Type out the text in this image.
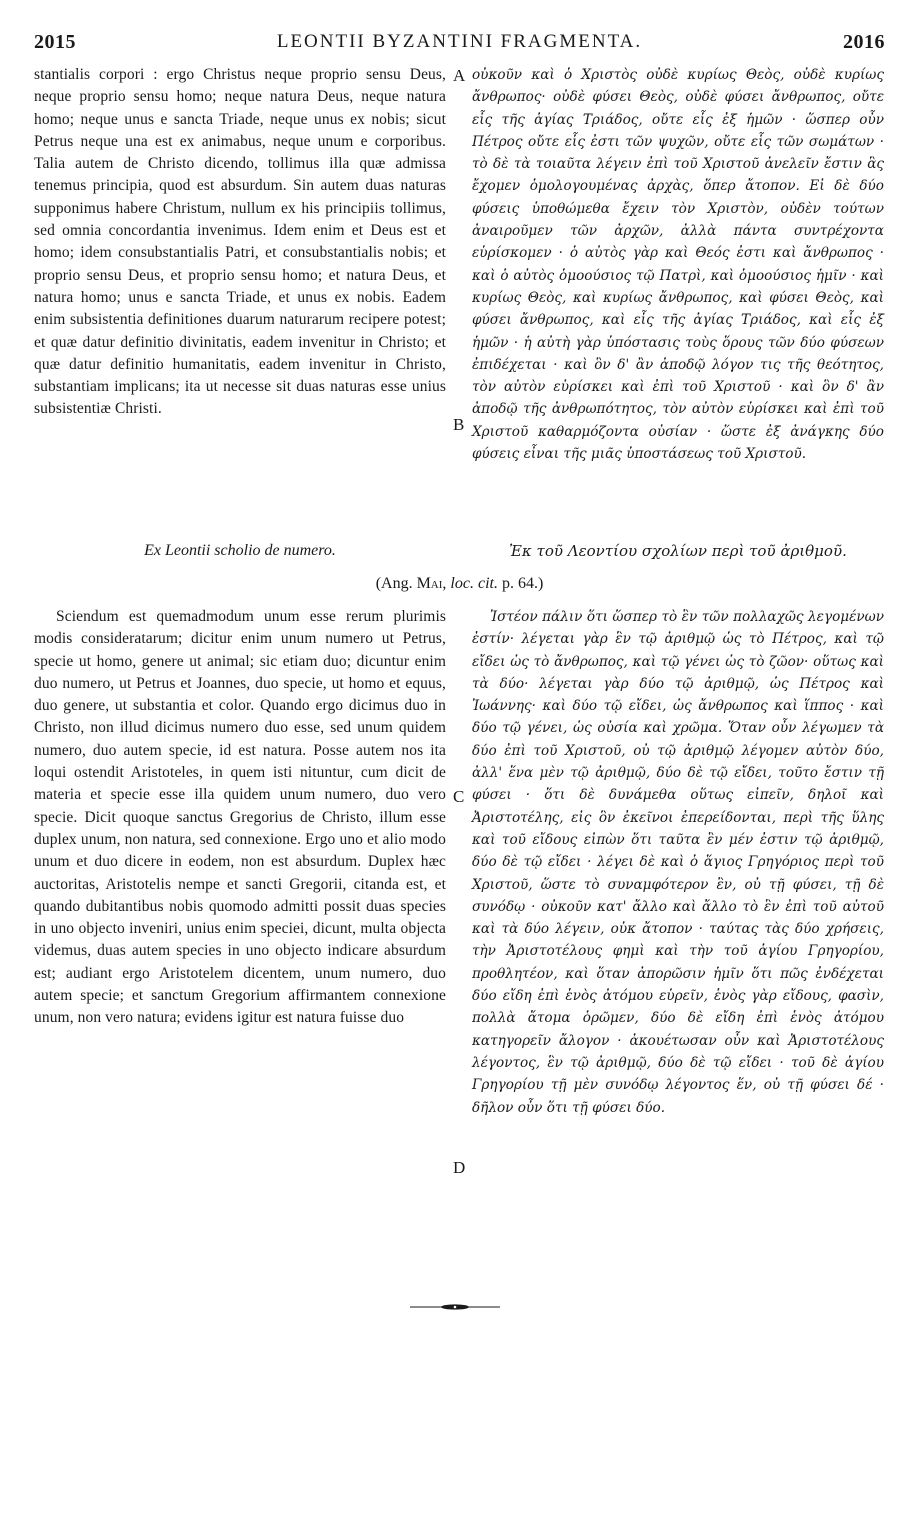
LEONTII BYZANTINI FRAGMENTA.
2015	2016

stantialis corpori : ergo Christus neque proprio sensu Deus, neque proprio sensu homo; neque natura Deus, neque natura homo; neque unus e sancta Triade, neque unus ex nobis; sicut Petrus neque una est ex animabus, neque unum e corporibus. Talia autem de Christo dicendo, tollimus illa quæ admissa tenemus principia, quod est absurdum. Sin autem duas naturas supponimus habere Christum, nullum ex his principiis tollimus, sed omnia concordantia invenimus. Idem enim et Deus est et homo; idem consubstantialis Patri, et consubstantialis nobis; et proprio sensu Deus, et proprio sensu homo; et natura Deus, et natura homo; unus e sancta Triade, et unus ex nobis. Eadem enim subsistentia definitiones duarum naturarum recipere potest; et quæ datur definitio divinitatis, eadem invenitur in Christo; et quæ datur definitio humanitatis, eadem invenitur in Christo, substantiam implicans; ita ut necesse sit duas naturas esse unius subsistentiæ Christi.

οὐκοῦν καὶ ὁ Χριστὸς οὐδὲ κυρίως Θεὸς, οὐδὲ κυρίως ἄνθρωπος· οὐδὲ φύσει Θεὸς, οὐδὲ φύσει ἄνθρωπος, οὔτε εἷς τῆς ἁγίας Τριάδος, οὔτε εἷς ἐξ ἡμῶν · ὥσπερ οὖν Πέτρος οὔτε εἷς ἐστι τῶν ψυχῶν, οὔτε εἷς τῶν σωμάτων · τὸ δὲ τὰ τοιαῦτα λέγειν ἐπὶ τοῦ Χριστοῦ ἀνελεῖν ἔστιν ἃς ἔχομεν ὁμολογουμένας ἀρχὰς, ὅπερ ἄτοπον. Εἰ δὲ δύο φύσεις ὑποθώμεθα ἔχειν τὸν Χριστὸν, οὐδὲν τούτων ἀναιροῦμεν τῶν ἀρχῶν, ἀλλὰ πάντα συντρέχοντα εὑρίσκομεν · ὁ αὐτὸς γὰρ καὶ Θεός ἐστι καὶ ἄνθρωπος · καὶ ὁ αὐτὸς ὁμοούσιος τῷ Πατρὶ, καὶ ὁμοούσιος ἡμῖν · καὶ κυρίως Θεὸς, καὶ κυρίως ἄνθρωπος, καὶ φύσει Θεὸς, καὶ φύσει ἄνθρωπος, καὶ εἷς τῆς ἁγίας Τριάδος, καὶ εἷς ἐξ ἡμῶν · ἡ αὐτὴ γὰρ ὑπόστασις τοὺς ὅρους τῶν δύο φύσεων ἐπιδέχεται · καὶ ὃν δ' ἂν ἀποδῷ λόγον τις τῆς θεότητος, τὸν αὐτὸν εὑρίσκει καὶ ἐπὶ τοῦ Χριστοῦ · καὶ ὃν δ' ἂν ἀποδῷ τῆς ἀνθρωπότητος, τὸν αὐτὸν εὑρίσκει καὶ ἐπὶ τοῦ Χριστοῦ καθαρμόζοντα οὐσίαν · ὥστε ἐξ ἀνάγκης δύο φύσεις εἶναι τῆς μιᾶς ὑποστάσεως τοῦ Χριστοῦ.

A
B
C
D
Ex Leontii scholio de numero.	Ἐκ τοῦ Λεοντίου σχολίων περὶ τοῦ ἀριθμοῦ.
(Ang. Mai, loc. cit. p. 64.)

Sciendum est quemadmodum unum esse rerum plurimis modis consideratarum; dicitur enim unum numero ut Petrus, specie ut homo, genere ut animal; sic etiam duo; dicuntur enim duo numero, ut Petrus et Joannes, duo specie, ut homo et equus, duo genere, ut substantia et color. Quando ergo dicimus duo in Christo, non illud dicimus numero duo esse, sed unum quidem numero, duo autem specie, id est natura. Posse autem nos ita loqui ostendit Aristoteles, in quem isti nituntur, cum dicit de materia et specie esse illa quidem unum numero, duo vero specie. Dicit quoque sanctus Gregorius de Christo, illum esse duplex unum, non natura, sed connexione. Ergo uno et alio modo unum et duo dicere in eodem, non est absurdum. Duplex hæc auctoritas, Aristotelis nempe et sancti Gregorii, citanda est, et quando dubitantibus nobis quomodo admitti possit duas species in uno objecto inveniri, unius enim speciei, dicunt, multa objecta videmus, duas autem species in uno objecto indicare absurdum est; audiant ergo Aristotelem dicentem, unum numero, duo autem specie; et sanctum Gregorium affirmantem connexione unum, non vero natura; evidens igitur est natura fuisse duo

Ἰστέον πάλιν ὅτι ὥσπερ τὸ ἓν τῶν πολλαχῶς λεγομένων ἐστίν· λέγεται γὰρ ἓν τῷ ἀριθμῷ ὡς τὸ Πέτρος, καὶ τῷ εἴδει ὡς τὸ ἄνθρωπος, καὶ τῷ γένει ὡς τὸ ζῶον· οὕτως καὶ τὰ δύο· λέγεται γὰρ δύο τῷ ἀριθμῷ, ὡς Πέτρος καὶ Ἰωάννης· καὶ δύο τῷ εἴδει, ὡς ἄνθρωπος καὶ ἵππος · καὶ δύο τῷ γένει, ὡς οὐσία καὶ χρῶμα. Ὅταν οὖν λέγωμεν τὰ δύο ἐπὶ τοῦ Χριστοῦ, οὐ τῷ ἀριθμῷ λέγομεν αὐτὸν δύο, ἀλλ' ἕνα μὲν τῷ ἀριθμῷ, δύο δὲ τῷ εἴδει, τοῦτο ἔστιν τῇ φύσει · ὅτι δὲ δυνάμεθα οὕτως εἰπεῖν, δηλοῖ καὶ Ἀριστοτέλης, εἰς ὃν ἐκεῖνοι ἐπερείδονται, περὶ τῆς ὕλης καὶ τοῦ εἴδους εἰπὼν ὅτι ταῦτα ἓν μέν ἐστιν τῷ ἀριθμῷ, δύο δὲ τῷ εἴδει · λέγει δὲ καὶ ὁ ἅγιος Γρηγόριος περὶ τοῦ Χριστοῦ, ὥστε τὸ συναμφότερον ἓν, οὐ τῇ φύσει, τῇ δὲ συνόδῳ · οὐκοῦν κατ' ἄλλο καὶ ἄλλο τὸ ἓν ἐπὶ τοῦ αὐτοῦ καὶ τὰ δύο λέγειν, οὐκ ἄτοπον · ταύτας τὰς δύο χρήσεις, τὴν Ἀριστοτέλους φημὶ καὶ τὴν τοῦ ἁγίου Γρηγορίου, προθλητέον, καὶ ὅταν ἀπορῶσιν ἡμῖν ὅτι πῶς ἐνδέχεται δύο εἴδη ἐπὶ ἑνὸς ἀτόμου εὑρεῖν, ἑνὸς γὰρ εἴδους, φασὶν, πολλὰ ἄτομα ὁρῶμεν, δύο δὲ εἴδη ἐπὶ ἑνὸς ἀτόμου κατηγορεῖν ἄλογον · ἀκουέτωσαν οὖν καὶ Ἀριστοτέλους λέγοντος, ἓν τῷ ἀριθμῷ, δύο δὲ τῷ εἴδει · τοῦ δὲ ἁγίου Γρηγορίου τῇ μὲν συνόδῳ λέγοντος ἕν, οὐ τῇ φύσει δέ · δῆλον οὖν ὅτι τῇ φύσει δύο.
